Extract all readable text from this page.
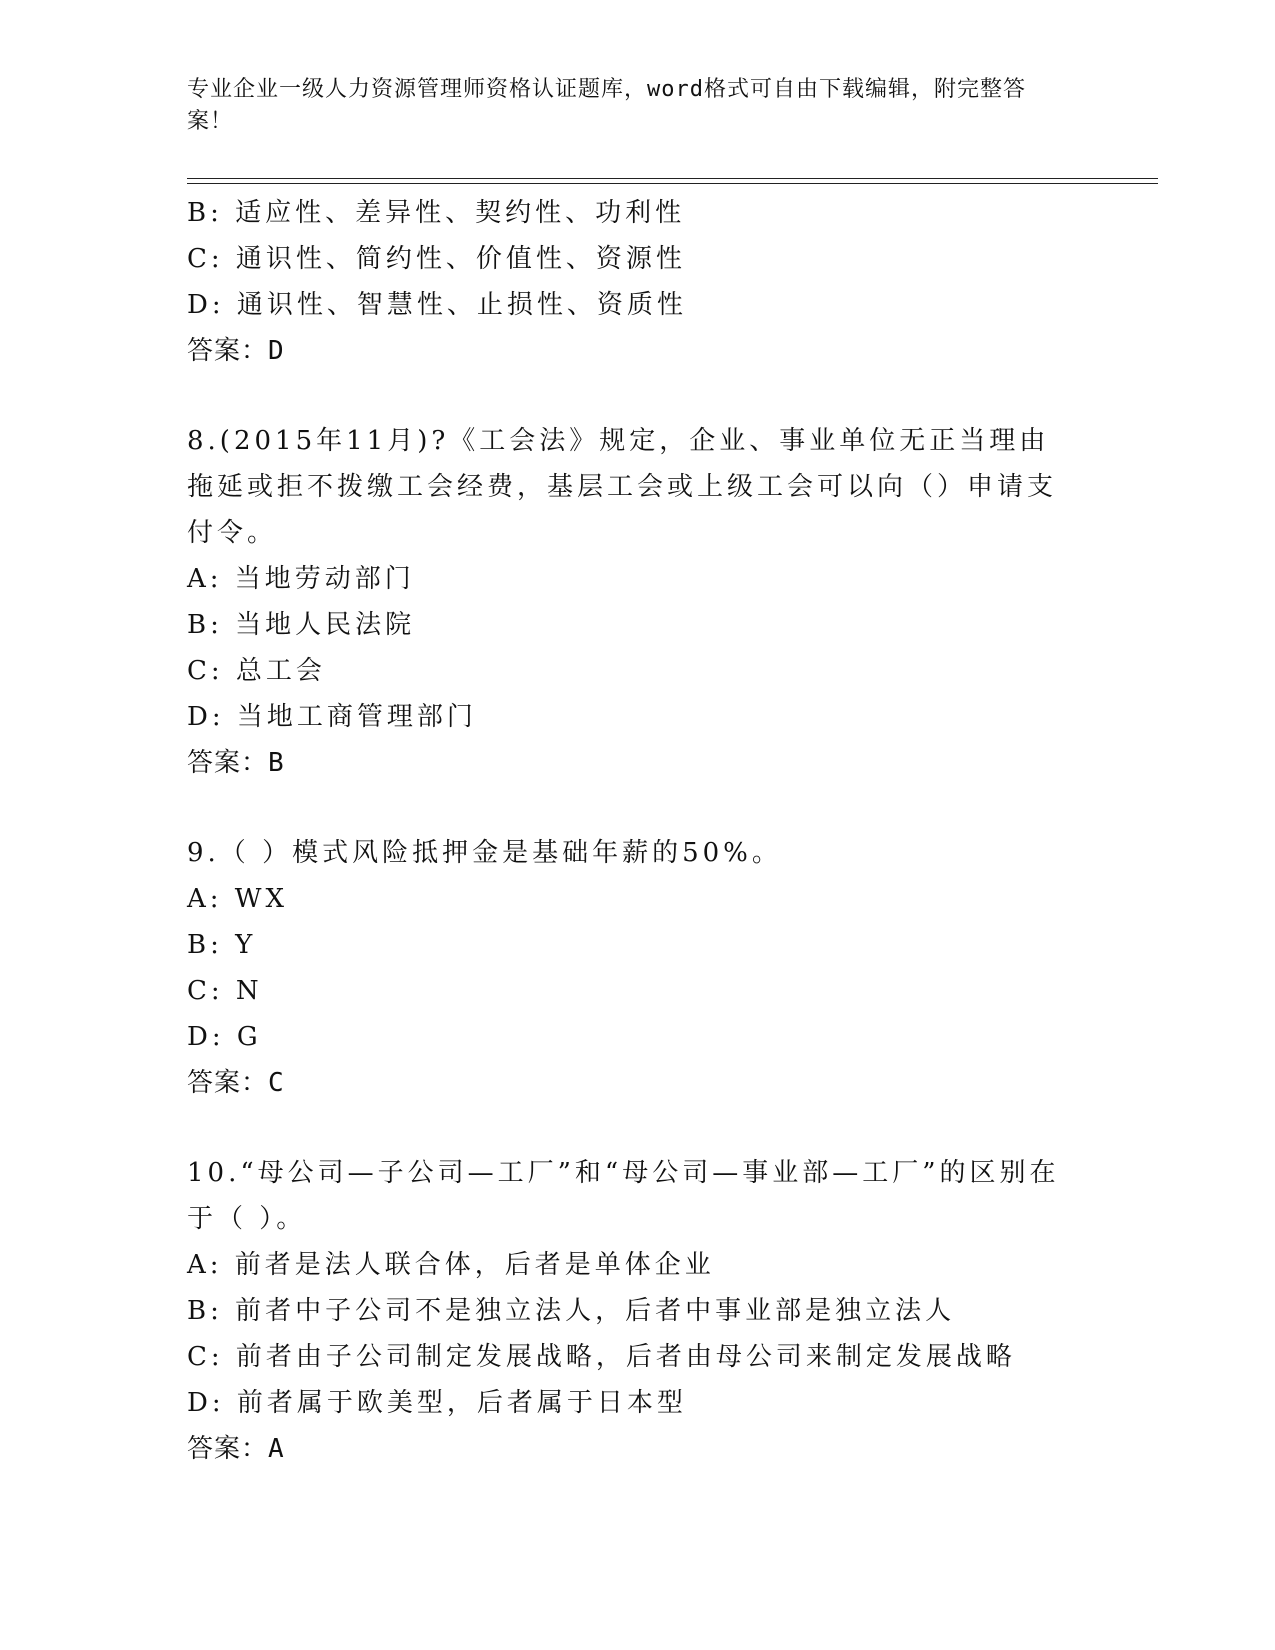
专业企业一级人力资源管理师资格认证题库，word格式可自由下载编辑，附完整答案！
B: 适应性、差异性、契约性、功利性
C: 通识性、简约性、价值性、资源性
D: 通识性、智慧性、止损性、资质性
答案：D
8.(2015年11月)?《工会法》规定，企业、事业单位无正当理由拖延或拒不拨缴工会经费，基层工会或上级工会可以向（）申请支付令。
A: 当地劳动部门
B: 当地人民法院
C: 总工会
D: 当地工商管理部门
答案：B
9.（ ）模式风险抵押金是基础年薪的50%。
A: WX
B: Y
C: N
D: G
答案：C
10.“母公司—子公司—工厂”和“母公司—事业部—工厂”的区别在于（ ）。
A: 前者是法人联合体，后者是单体企业
B: 前者中子公司不是独立法人，后者中事业部是独立法人
C: 前者由子公司制定发展战略，后者由母公司来制定发展战略
D: 前者属于欧美型，后者属于日本型
答案：A
